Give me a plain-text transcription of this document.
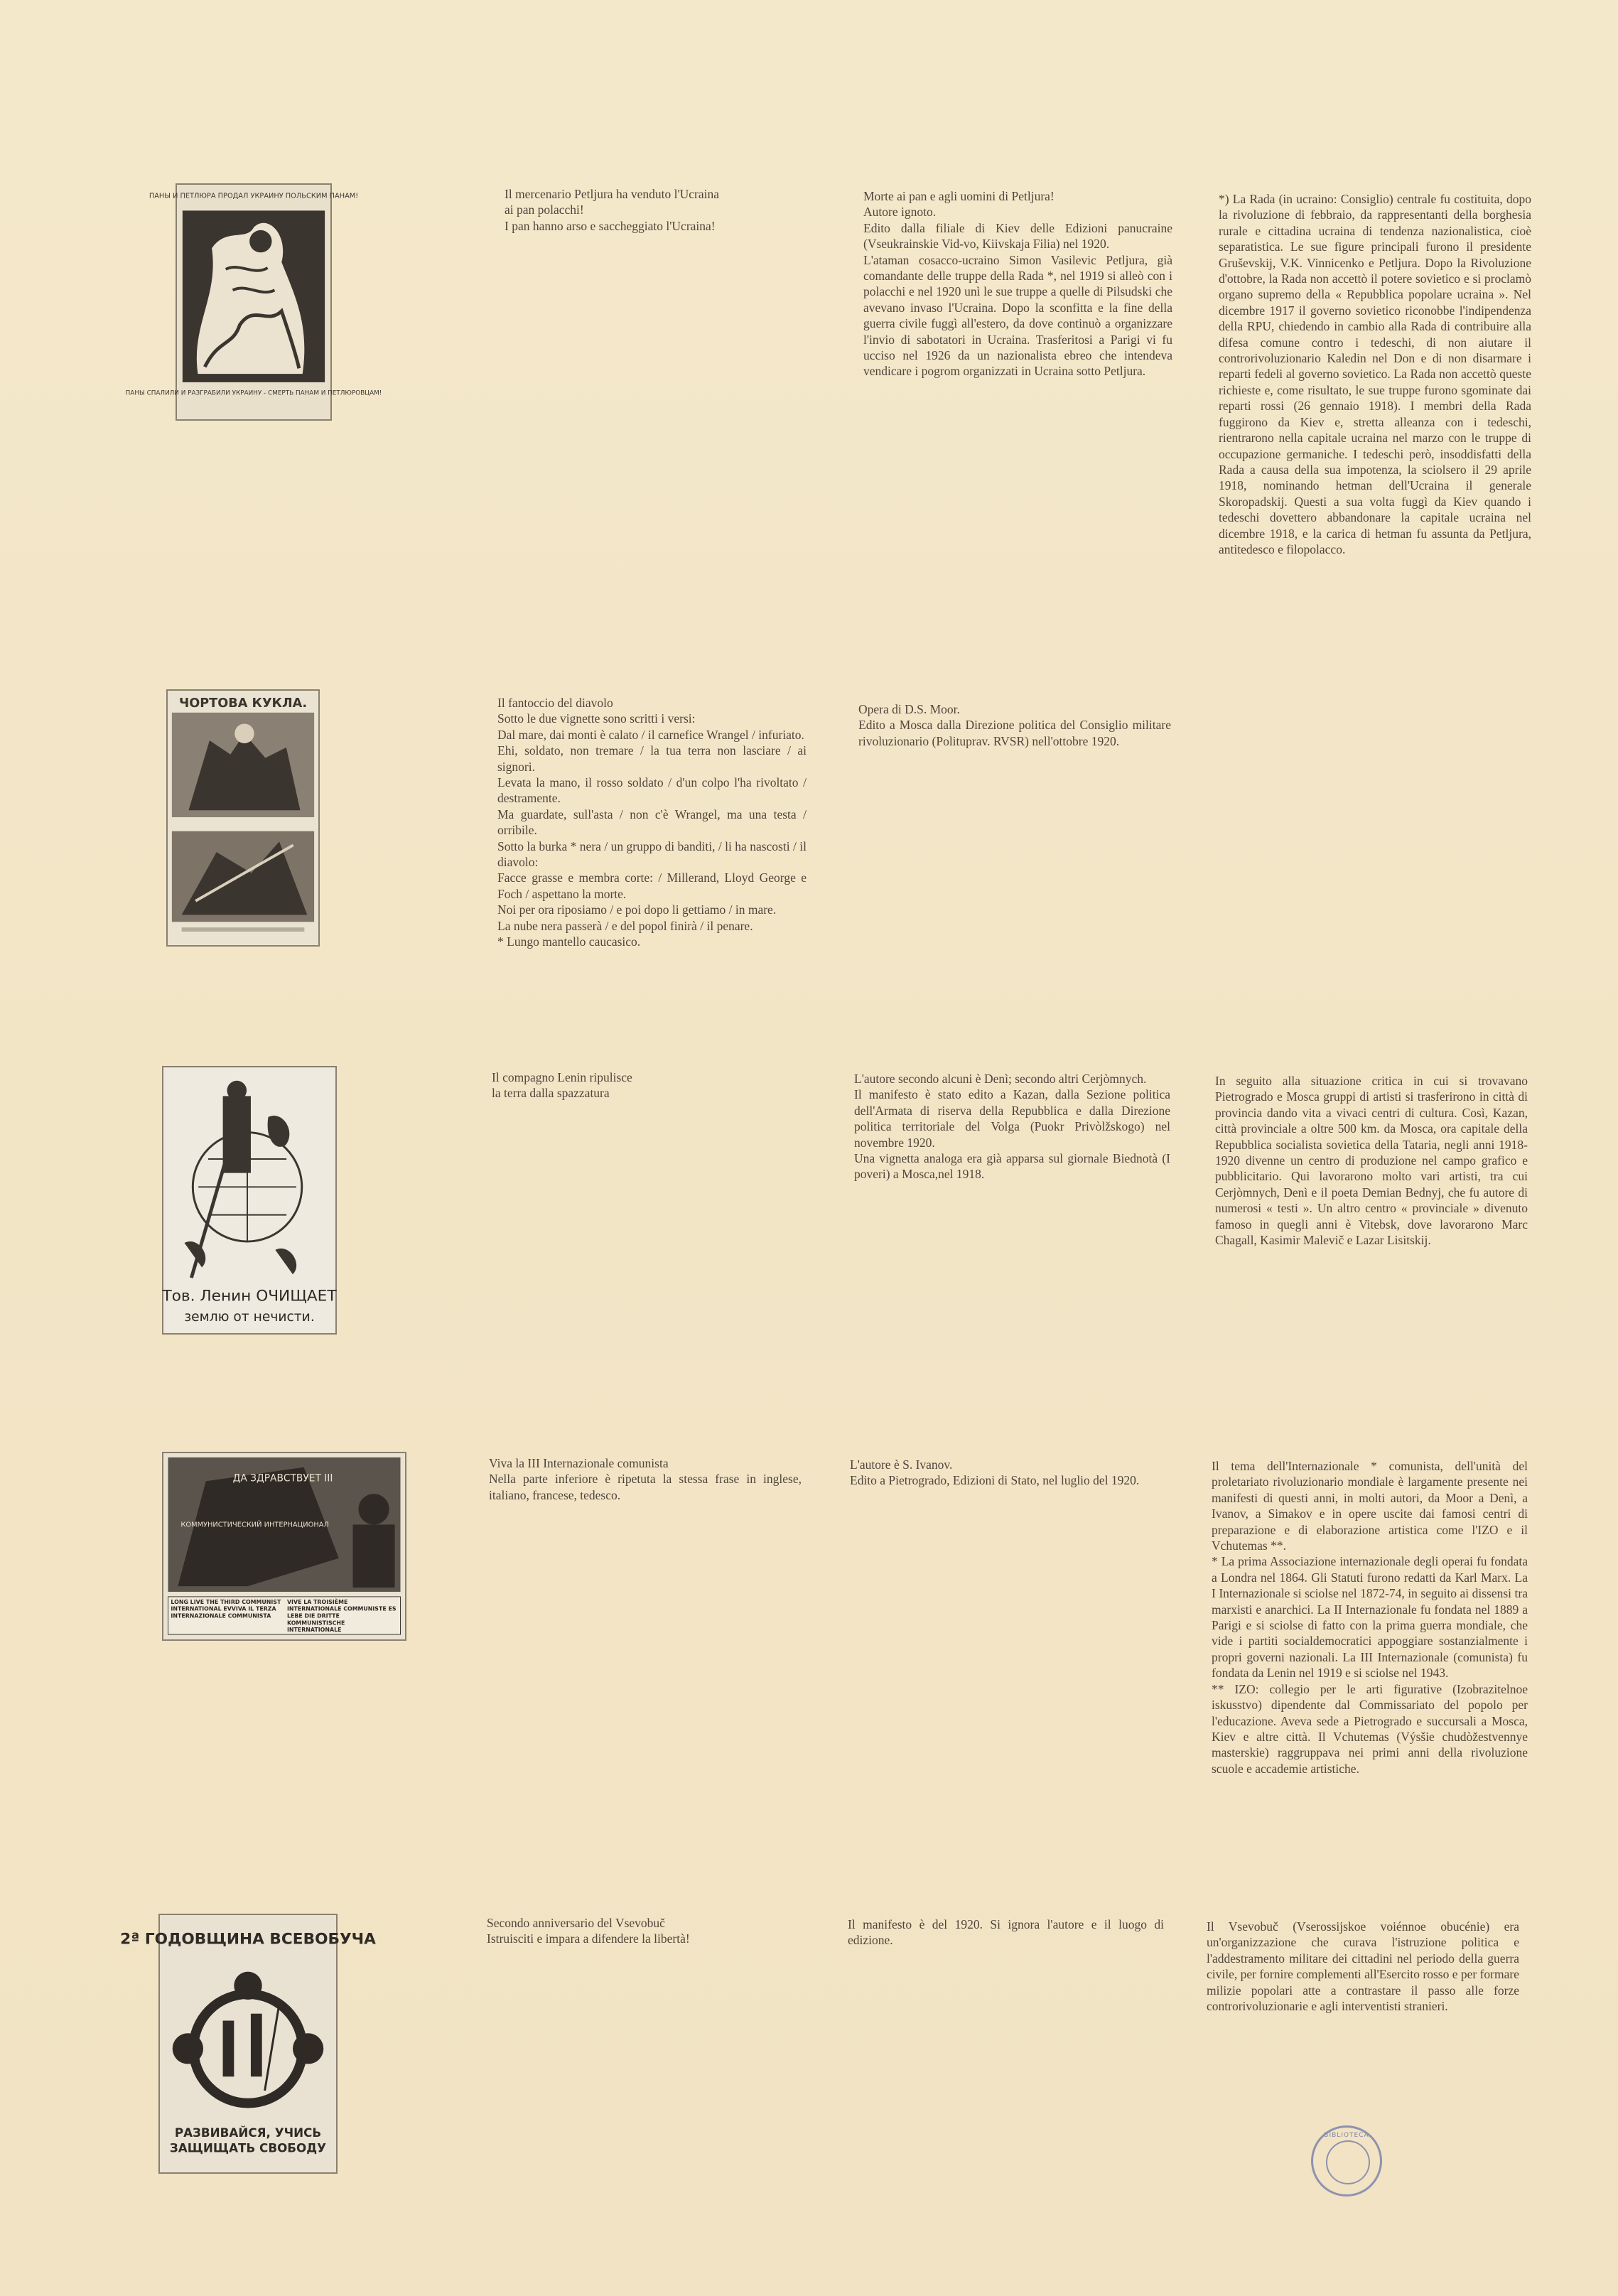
ПАНЫ И ПЕТЛЮРА ПРОДАЛ УКРАИНУ ПОЛЬСКИМ ПАНАМ!
ПАНЫ СПАЛИЛИ И РАЗГРАБИЛИ УКРАИНУ - СМЕРТЬ ПАНАМ И ПЕТЛЮРОВЦАМ!

Il mercenario Petljura ha venduto l'Ucraina

ai pan polacchi!

I pan hanno arso e saccheggiato l'Ucraina!

Morte ai pan e agli uomini di Petljura!

Autore ignoto.

Edito dalla filiale di Kiev delle Edizioni panucraine (Vseukrainskie Vid-vo, Kiivskaja Filia) nel 1920.

L'ataman cosacco-ucraino Simon Vasilevic Petljura, già comandante delle truppe della Rada *, nel 1919 si alleò con i polacchi e nel 1920 unì le sue truppe a quelle di Pilsudski che avevano invaso l'Ucraina. Dopo la sconfitta e la fine della guerra civile fuggì all'estero, da dove continuò a organizzare l'invio di sabotatori in Ucraina. Trasferitosi a Parigi vi fu ucciso nel 1926 da un nazionalista ebreo che intendeva vendicare i pogrom organizzati in Ucraina sotto Petljura.

*) La Rada (in ucraino: Consiglio) centrale fu costituita, dopo la rivoluzione di febbraio, da rappresentanti della borghesia rurale e cittadina ucraina di tendenza nazionalistica, cioè separatistica. Le sue figure principali furono il presidente Gruševskij, V.K. Vinnicenko e Petljura. Dopo la Rivoluzione d'ottobre, la Rada non accettò il potere sovietico e si proclamò organo supremo della « Repubblica popolare ucraina ». Nel dicembre 1917 il governo sovietico riconobbe l'indipendenza della RPU, chiedendo in cambio alla Rada di contribuire alla difesa comune contro i tedeschi, di non aiutare il controrivoluzionario Kaledin nel Don e di non disarmare i reparti fedeli al governo sovietico. La Rada non accettò queste richieste e, come risultato, le sue truppe furono sgominate dai reparti rossi (26 gennaio 1918). I membri della Rada fuggirono da Kiev e, stretta alleanza con i tedeschi, rientrarono nella capitale ucraina nel marzo con le truppe di occupazione germaniche. I tedeschi però, insoddisfatti della Rada a causa della sua impotenza, la sciolsero il 29 aprile 1918, nominando hetman dell'Ucraina il generale Skoropadskij. Questi a sua volta fuggì da Kiev quando i tedeschi dovettero abbandonare la capitale ucraina nel dicembre 1918, e la carica di hetman fu assunta da Petljura, antitedesco e filopolacco.

ЧОРТОВА КУКЛА.	Il fantoccio del diavolo

Sotto le due vignette sono scritti i versi:

Dal mare, dai monti è calato / il carnefice Wrangel / infuriato.

Ehi, soldato, non tremare / la tua terra non lasciare / ai signori.

Levata la mano, il rosso soldato / d'un colpo l'ha rivoltato / destramente.

Ma guardate, sull'asta / non c'è Wrangel, ma una testa / orribile.

Sotto la burka * nera / un gruppo di banditi, / li ha nascosti / il diavolo:

Facce grasse e membra corte: / Millerand, Lloyd George e Foch / aspettano la morte.

Noi per ora riposiamo / e poi dopo li gettiamo / in mare.

La nube nera passerà / e del popol finirà / il penare.

* Lungo mantello caucasico.

Opera di D.S. Moor.

Edito a Mosca dalla Direzione politica del Consiglio militare rivoluzionario (Polituprav. RVSR) nell'ottobre 1920.

Тов. Ленин ОЧИЩАЕТ
землю от нечисти.

Il compagno Lenin ripulisce

la terra dalla spazzatura

L'autore secondo alcuni è Denì; secondo altri Cerjòmnych.

Il manifesto è stato edito a Kazan, dalla Sezione politica dell'Armata di riserva della Repubblica e dalla Direzione politica territoriale del Volga (Puokr Privòlžskogo) nel novembre 1920.

Una vignetta analoga era già apparsa sul giornale Biednotà (I poveri) a Mosca,nel 1918.

In seguito alla situazione critica in cui si trovavano Pietrogrado e Mosca gruppi di artisti si trasferirono in città di provincia dando vita a vivaci centri di cultura. Così, Kazan, città provinciale a oltre 500 km. da Mosca, ora capitale della Repubblica socialista sovietica della Tataria, negli anni 1918-1920 divenne un centro di produzione nel campo grafico e pubblicitario. Qui lavorarono molto vari artisti, tra cui Cerjòmnych, Denì e il poeta Demian Bednyj, che fu autore di numerosi « testi ». Un altro centro « provinciale » divenuto famoso in quegli anni è Vitebsk, dove lavorarono Marc Chagall, Kasimir Malevič e Lazar Lisitskij.

ДА ЗДРАВСТВУЕТ III
КОММУНИСТИЧЕСКИЙ ИНТЕРНАЦИОНАЛ
LONG LIVE THE THIRD COMMUNIST INTERNATIONAL EVVIVA IL TERZA INTERNAZIONALE COMMUNISTA
VIVE LA TROISIÈME INTERNATIONALE COMMUNISTE ES LEBE DIE DRITTE KOMMUNISTISCHE INTERNATIONALE

Viva la III Internazionale comunista

Nella parte inferiore è ripetuta la stessa frase in inglese, italiano, francese, tedesco.

L'autore è S. Ivanov.

Edito a Pietrogrado, Edizioni di Stato, nel luglio del 1920.

Il tema dell'Internazionale * comunista, dell'unità del proletariato rivoluzionario mondiale è largamente presente nei manifesti di questi anni, in molti autori, da Moor a Denì, a Ivanov, a Simakov e in opere uscite dai famosi centri di preparazione e di elaborazione artistica come l'IZO e il Vchutemas **.

* La prima Associazione internazionale degli operai fu fondata a Londra nel 1864. Gli Statuti furono redatti da Karl Marx. La I Internazionale si sciolse nel 1872-74, in seguito ai dissensi tra marxisti e anarchici. La II Internazionale fu fondata nel 1889 a Parigi e si sciolse di fatto con la prima guerra mondiale, che vide i partiti socialdemocratici appoggiare sostanzialmente i propri governi nazionali. La III Internazionale (comunista) fu fondata da Lenin nel 1919 e si sciolse nel 1943.

** IZO: collegio per le arti figurative (Izobrazitelnoe iskusstvo) dipendente dal Commissariato del popolo per l'educazione. Aveva sede a Pietrogrado e succursali a Mosca, Kiev e altre città. Il Vchutemas (Výsšie chudòžestvennye masterskie) raggruppava nei primi anni della rivoluzione scuole e accademie artistiche.

2ª ГОДОВЩИНА ВСЕВОБУЧА
РАЗВИВАЙСЯ, УЧИСЬ ЗАЩИЩАТЬ СВОБОДУ

Secondo anniversario del Vsevobuč

Istruisciti e impara a difendere la libertà!

Il manifesto è del 1920. Si ignora l'autore e il luogo di edizione.

Il Vsevobuč (Vserossijskoe voiénnoe obucénie) era un'organizzazione che curava l'istruzione politica e l'addestramento militare dei cittadini nel periodo della guerra civile, per fornire complementi all'Esercito rosso e per formare milizie popolari atte a contrastare il passo alle forze controrivoluzionarie e agli interventisti stranieri.

BIBLIOTECA
